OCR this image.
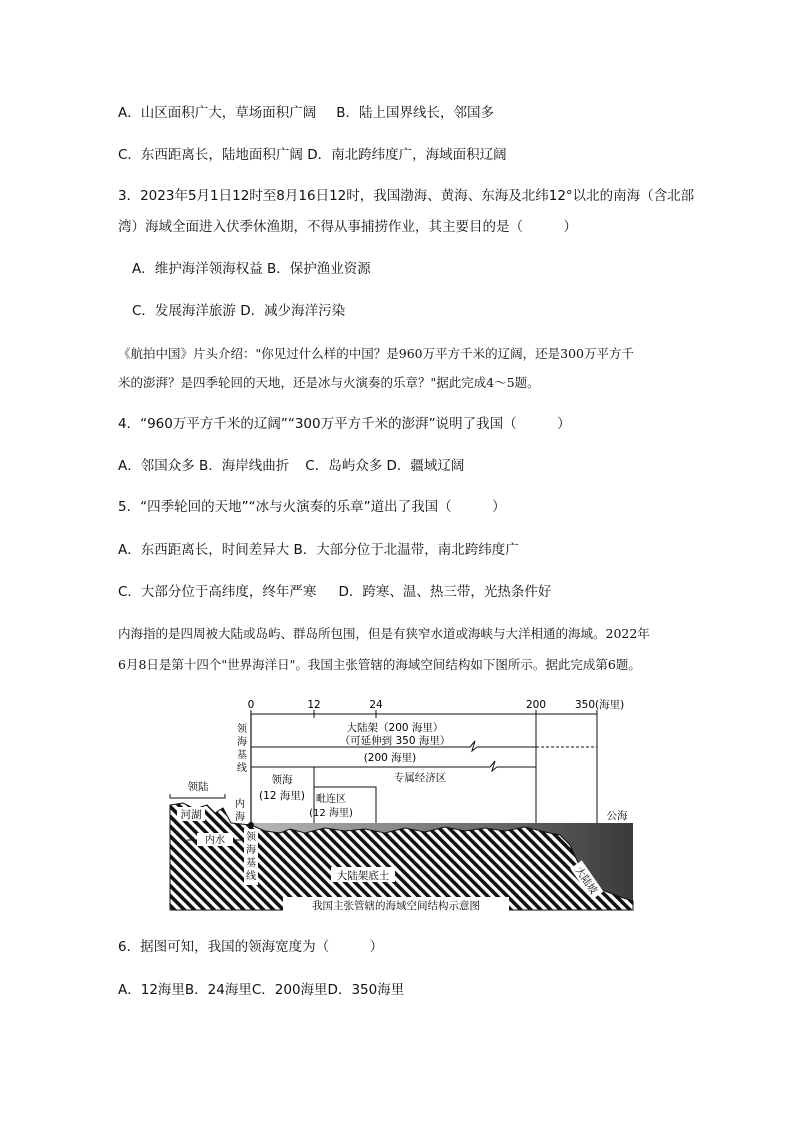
A．山区面积广大，草场面积广阔 B．陆上国界线长，邻国多
C．东西距离长，陆地面积广阔 D．南北跨纬度广，海域面积辽阔
3．2023年5月1日12时至8月16日12时，我国渤海、黄海、东海及北纬12°以北的南海（含北部
湾）海域全面进入伏季休渔期，不得从事捕捞作业，其主要目的是（　　　）
A．维护海洋领海权益 B．保护渔业资源
C．发展海洋旅游 D．减少海洋污染
《航拍中国》片头介绍："你见过什么样的中国？是960万平方千米的辽阔，还是300万平方千
米的澎湃？是四季轮回的天地，还是冰与火演奏的乐章？"据此完成4～5题。
4．“960万平方千米的辽阔”“300万平方千米的澎湃”说明了我国（　　　）
A．邻国众多 B．海岸线曲折 C．岛屿众多 D．疆域辽阔
5．“四季轮回的天地”“冰与火演奏的乐章”道出了我国（　　　）
A．东西距离长，时间差异大 B．大部分位于北温带，南北跨纬度广
C．大部分位于高纬度，终年严寒 D．跨寒、温、热三带，光热条件好
内海指的是四周被大陆或岛屿、群岛所包围，但是有狭窄水道或海峡与大洋相通的海域。2022年
6月8日是第十四个"世界海洋日"。我国主张管辖的海域空间结构如下图所示。据此完成第6题。
0	12	24	200	350 (海里)
领
海
基
线
大陆架（200 海里）
（可延伸到 350 海里）
(200 海里)
专属经济区
领海
(12 海里) 毗连区
(12 海里)
领陆
河湖
内
海
内水 领
海
基
线	大陆架底土	大陆坡
公海
我国主张管辖的海域空间结构示意图
6．据图可知，我国的领海宽度为（　　　）
A．12海里B．24海里C．200海里D．350海里
